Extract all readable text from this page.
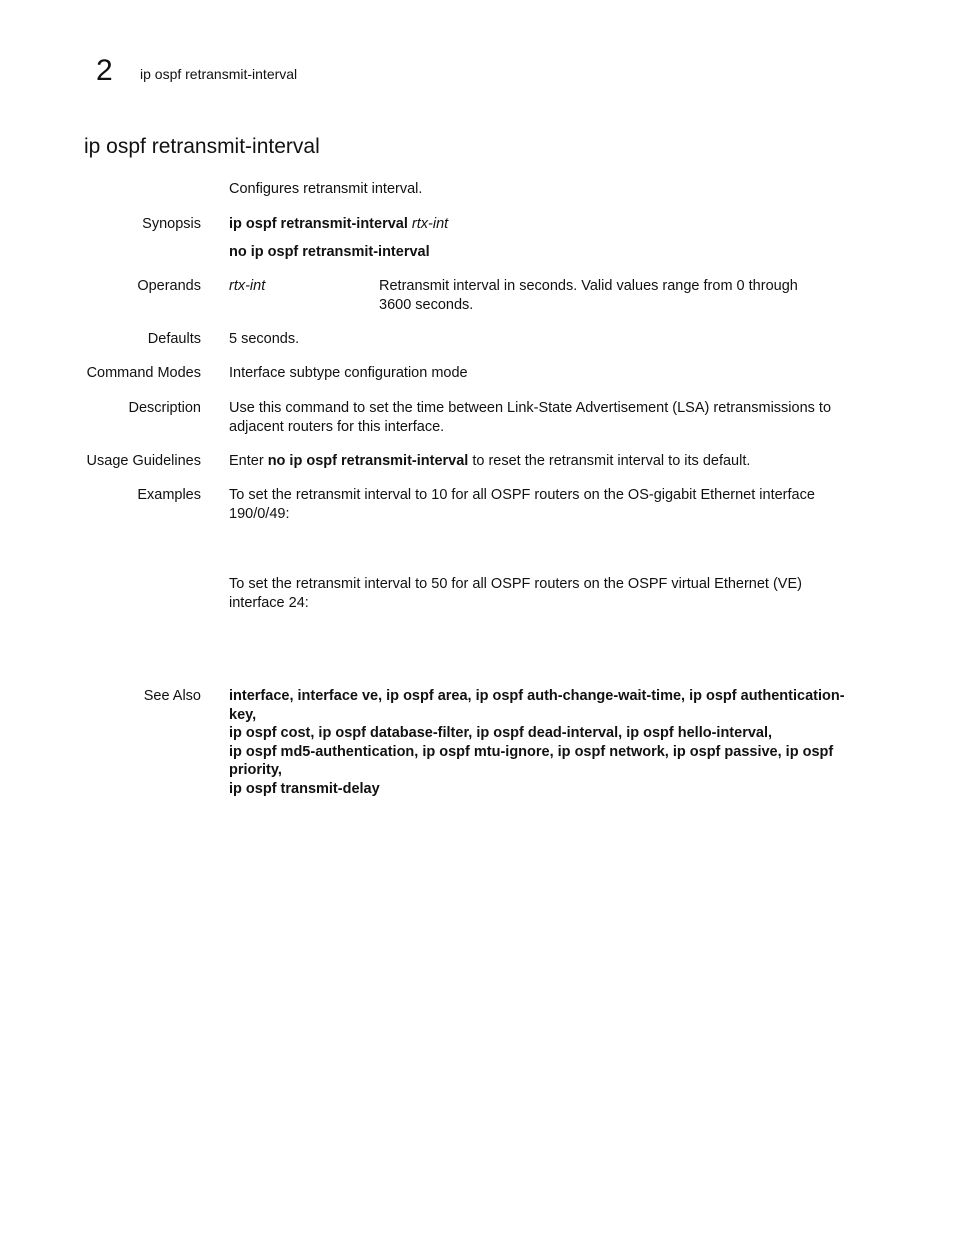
2 ip ospf retransmit-interval
ip ospf retransmit-interval
Configures retransmit interval.
Synopsis ip ospf retransmit-interval rtx-int
no ip ospf retransmit-interval
Operands rtx-int	Retransmit interval in seconds. Valid values range from 0 through 3600 seconds.
Defaults 5 seconds.
Command Modes Interface subtype configuration mode
Description Use this command to set the time between Link-State Advertisement (LSA) retransmissions to adjacent routers for this interface.
Usage Guidelines Enter no ip ospf retransmit-interval to reset the retransmit interval to its default.
Examples To set the retransmit interval to 10 for all OSPF routers on the OS-gigabit Ethernet interface 190/0/49:
To set the retransmit interval to 50 for all OSPF routers on the OSPF virtual Ethernet (VE) interface 24:
See Also interface, interface ve, ip ospf area, ip ospf auth-change-wait-time, ip ospf authentication-key,

ip ospf cost, ip ospf database-filter, ip ospf dead-interval, ip ospf hello-interval,

ip ospf md5-authentication, ip ospf mtu-ignore, ip ospf network, ip ospf passive, ip ospf priority,

ip ospf transmit-delay
